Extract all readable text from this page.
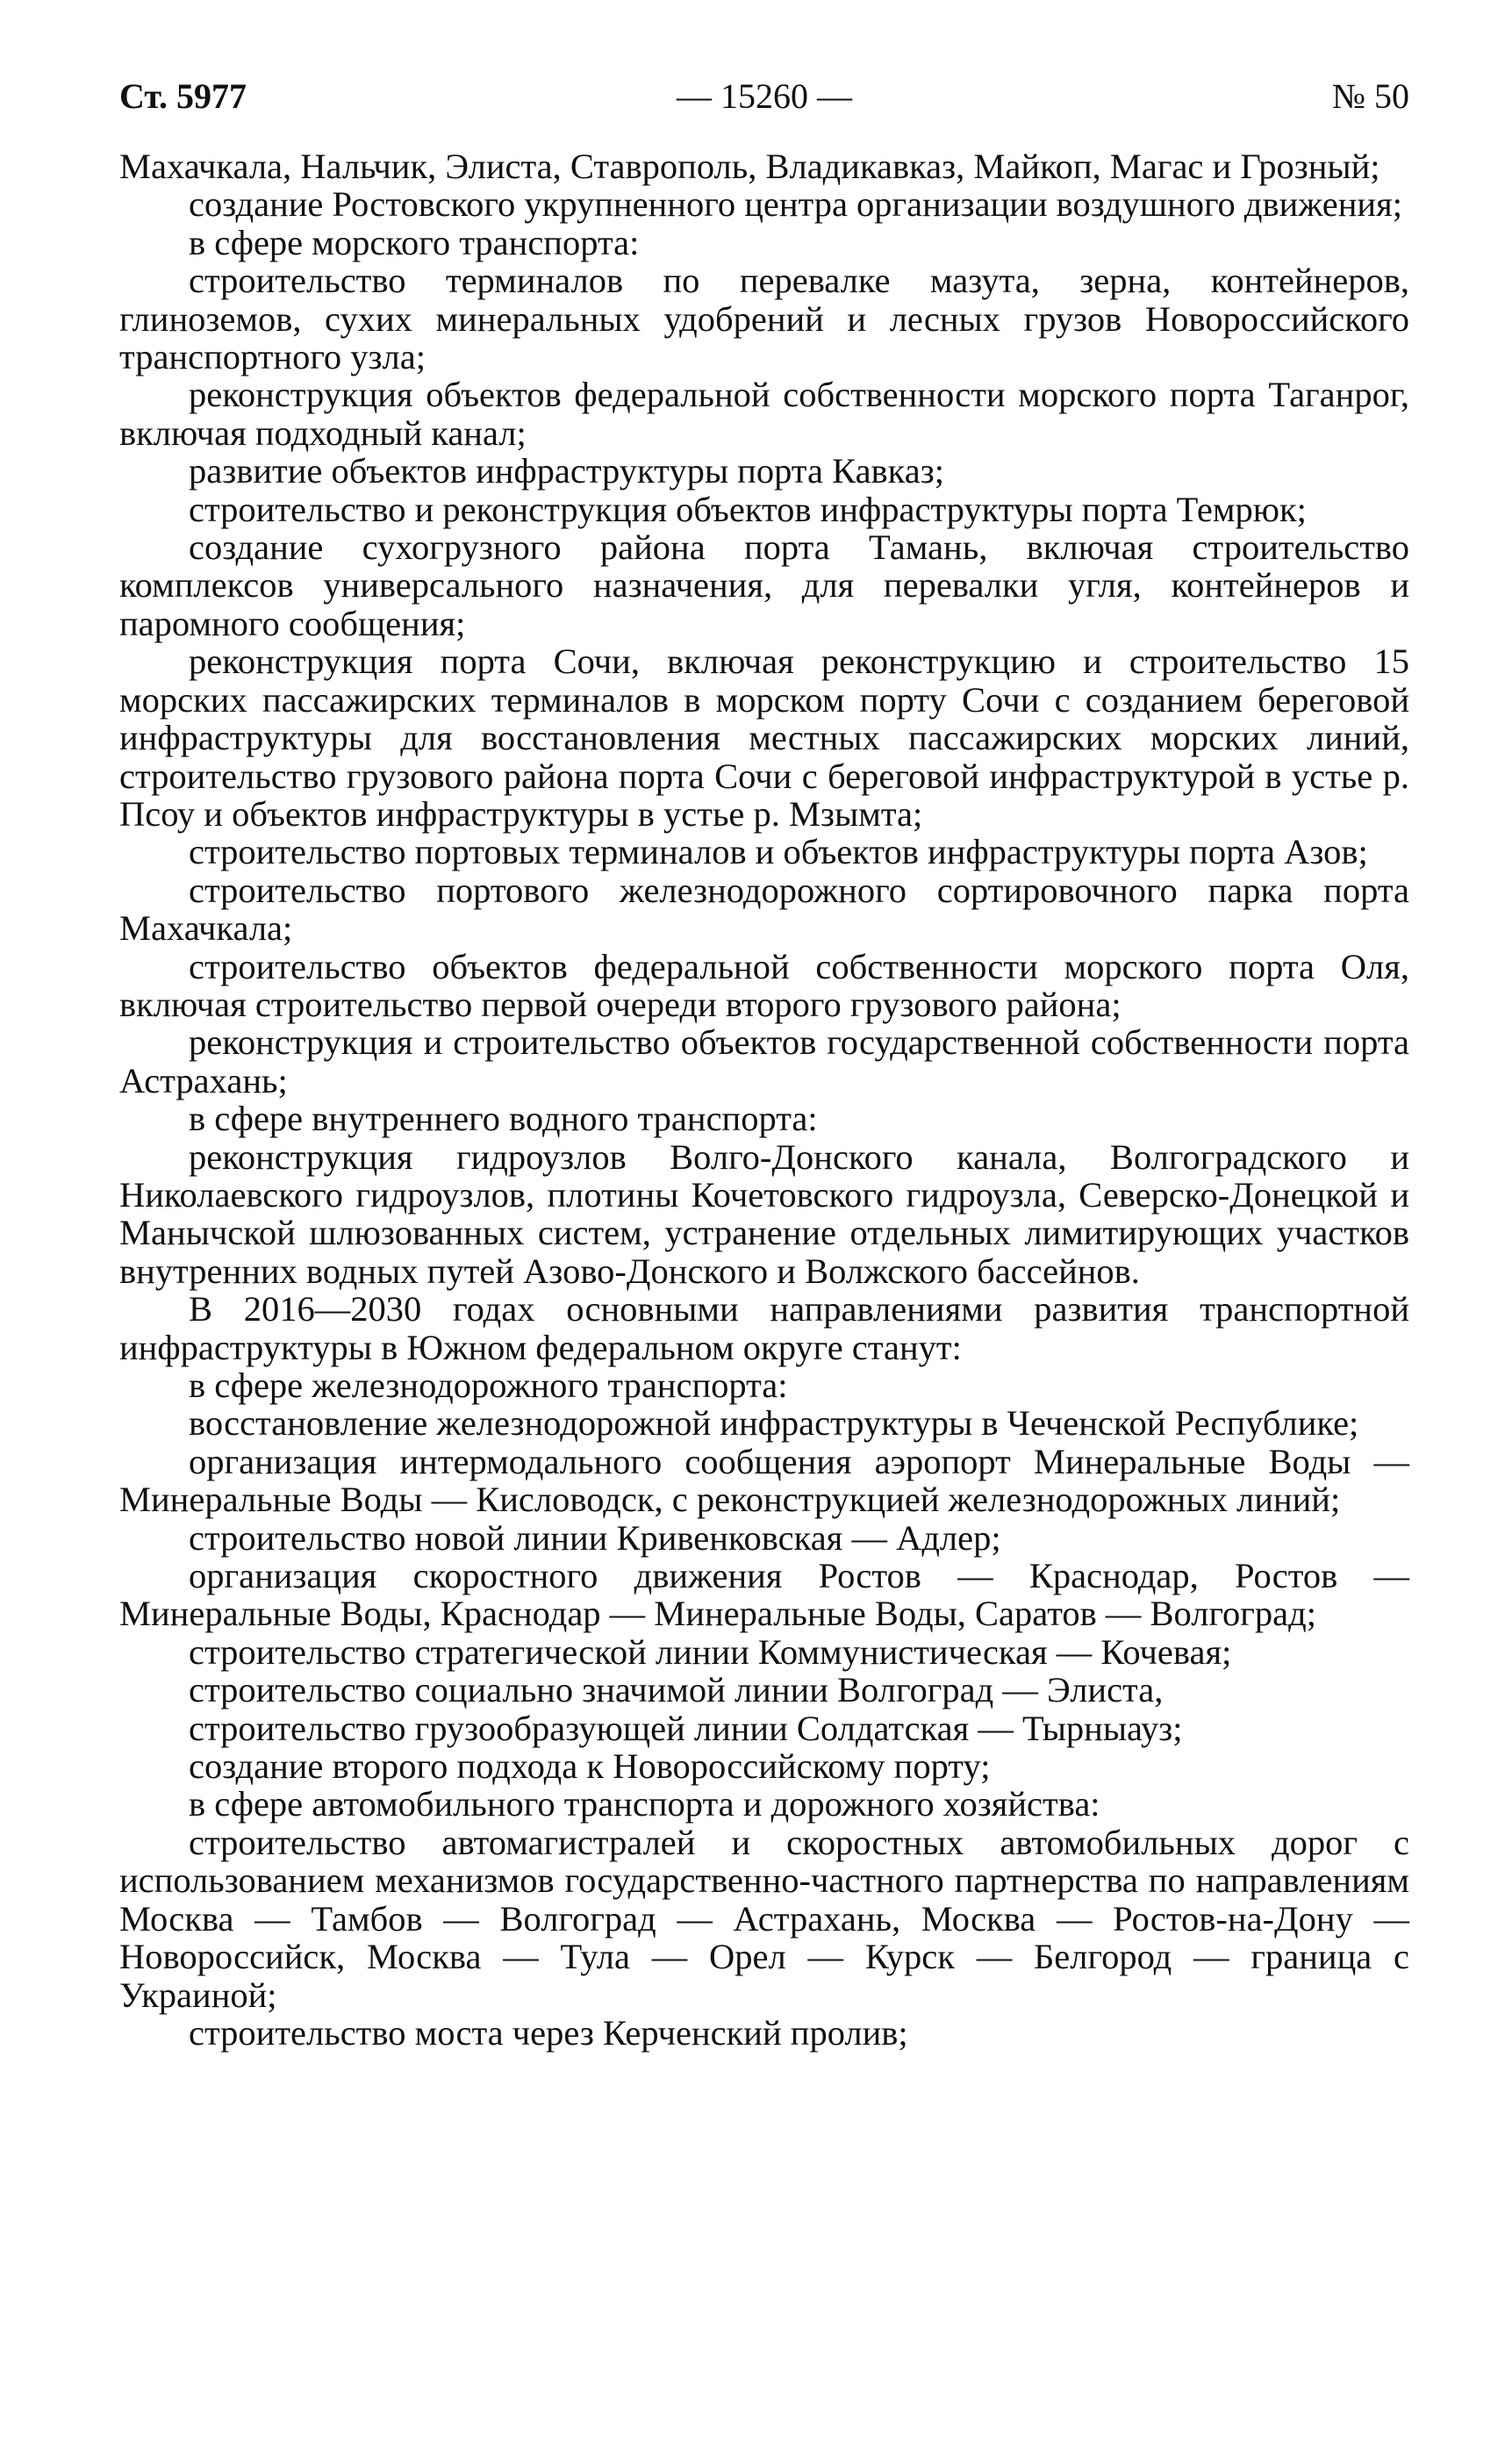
Ст. 5977	— 15260 —	№ 50

Махачкала, Нальчик, Элиста, Ставрополь, Владикавказ, Майкоп, Магас и Грозный;

создание Ростовского укрупненного центра организации воздушного движения;

в сфере морского транспорта:

строительство терминалов по перевалке мазута, зерна, контейнеров, глиноземов, сухих минеральных удобрений и лесных грузов Новороссийского транспортного узла;

реконструкция объектов федеральной собственности морского порта Таганрог, включая подходный канал;

развитие объектов инфраструктуры порта Кавказ;

строительство и реконструкция объектов инфраструктуры порта Темрюк;

создание сухогрузного района порта Тамань, включая строительство комплексов универсального назначения, для перевалки угля, контейнеров и паромного сообщения;

реконструкция порта Сочи, включая реконструкцию и строительство 15 морских пассажирских терминалов в морском порту Сочи с созданием береговой инфраструктуры для восстановления местных пассажирских морских линий, строительство грузового района порта Сочи с береговой инфраструктурой в устье р. Псоу и объектов инфраструктуры в устье р. Мзымта;

строительство портовых терминалов и объектов инфраструктуры порта Азов;

строительство портового железнодорожного сортировочного парка порта Махачкала;

строительство объектов федеральной собственности морского порта Оля, включая строительство первой очереди второго грузового района;

реконструкция и строительство объектов государственной собственности порта Астрахань;

в сфере внутреннего водного транспорта:

реконструкция гидроузлов Волго-Донского канала, Волгоградского и Николаевского гидроузлов, плотины Кочетовского гидроузла, Северско-Донецкой и Манычской шлюзованных систем, устранение отдельных лимитирующих участков внутренних водных путей Азово-Донского и Волжского бассейнов.

В 2016—2030 годах основными направлениями развития транспортной инфраструктуры в Южном федеральном округе станут:

в сфере железнодорожного транспорта:

восстановление железнодорожной инфраструктуры в Чеченской Республике;

организация интермодального сообщения аэропорт Минеральные Воды — Минеральные Воды — Кисловодск, с реконструкцией железнодорожных линий;

строительство новой линии Кривенковская — Адлер;

организация скоростного движения Ростов — Краснодар, Ростов — Минеральные Воды, Краснодар — Минеральные Воды, Саратов — Волгоград;

строительство стратегической линии Коммунистическая — Кочевая;

строительство социально значимой линии Волгоград — Элиста,

строительство грузообразующей линии Солдатская — Тырныауз;

создание второго подхода к Новороссийскому порту;

в сфере автомобильного транспорта и дорожного хозяйства:

строительство автомагистралей и скоростных автомобильных дорог с использованием механизмов государственно-частного партнерства по направлениям Москва — Тамбов — Волгоград — Астрахань, Москва — Ростов-на-Дону — Новороссийск, Москва — Тула — Орел — Курск — Белгород — граница с Украиной;

строительство моста через Керченский пролив;
